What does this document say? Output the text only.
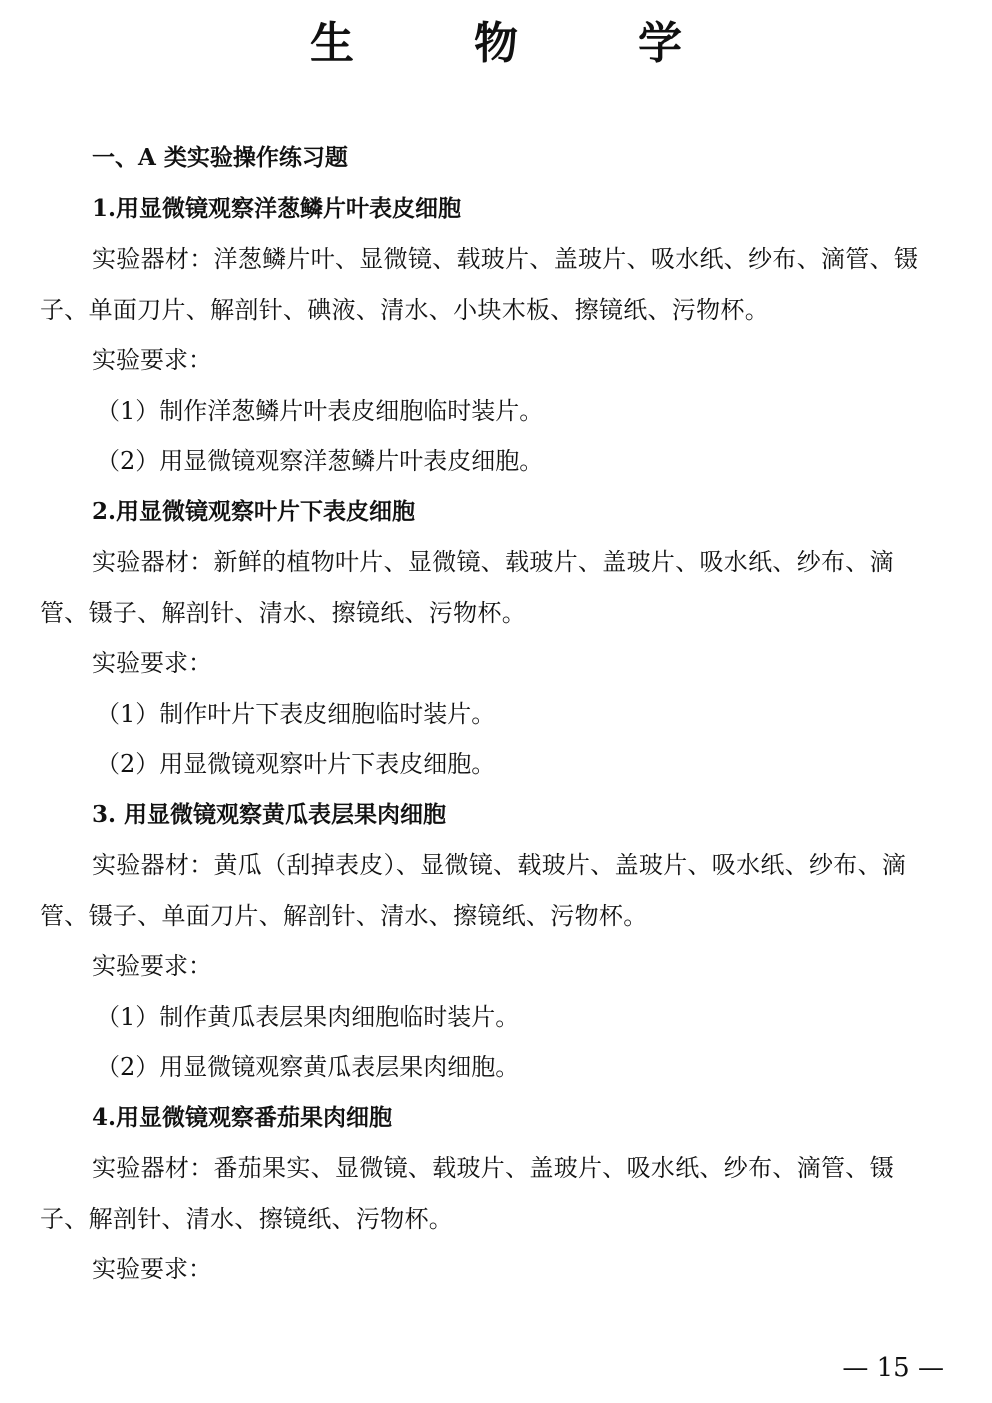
生　物　学
一、A 类实验操作练习题
1.用显微镜观察洋葱鳞片叶表皮细胞
实验器材：洋葱鳞片叶、显微镜、载玻片、盖玻片、吸水纸、纱布、滴管、镊子、单面刀片、解剖针、碘液、清水、小块木板、擦镜纸、污物杯。
实验要求：
（1）制作洋葱鳞片叶表皮细胞临时装片。
（2）用显微镜观察洋葱鳞片叶表皮细胞。
2.用显微镜观察叶片下表皮细胞
实验器材：新鲜的植物叶片、显微镜、载玻片、盖玻片、吸水纸、纱布、滴管、镊子、解剖针、清水、擦镜纸、污物杯。
实验要求：
（1）制作叶片下表皮细胞临时装片。
（2）用显微镜观察叶片下表皮细胞。
3. 用显微镜观察黄瓜表层果肉细胞
实验器材：黄瓜（刮掉表皮）、显微镜、载玻片、盖玻片、吸水纸、纱布、滴管、镊子、单面刀片、解剖针、清水、擦镜纸、污物杯。
实验要求：
（1）制作黄瓜表层果肉细胞临时装片。
（2）用显微镜观察黄瓜表层果肉细胞。
4.用显微镜观察番茄果肉细胞
实验器材：番茄果实、显微镜、载玻片、盖玻片、吸水纸、纱布、滴管、镊子、解剖针、清水、擦镜纸、污物杯。
实验要求：
— 15 —
